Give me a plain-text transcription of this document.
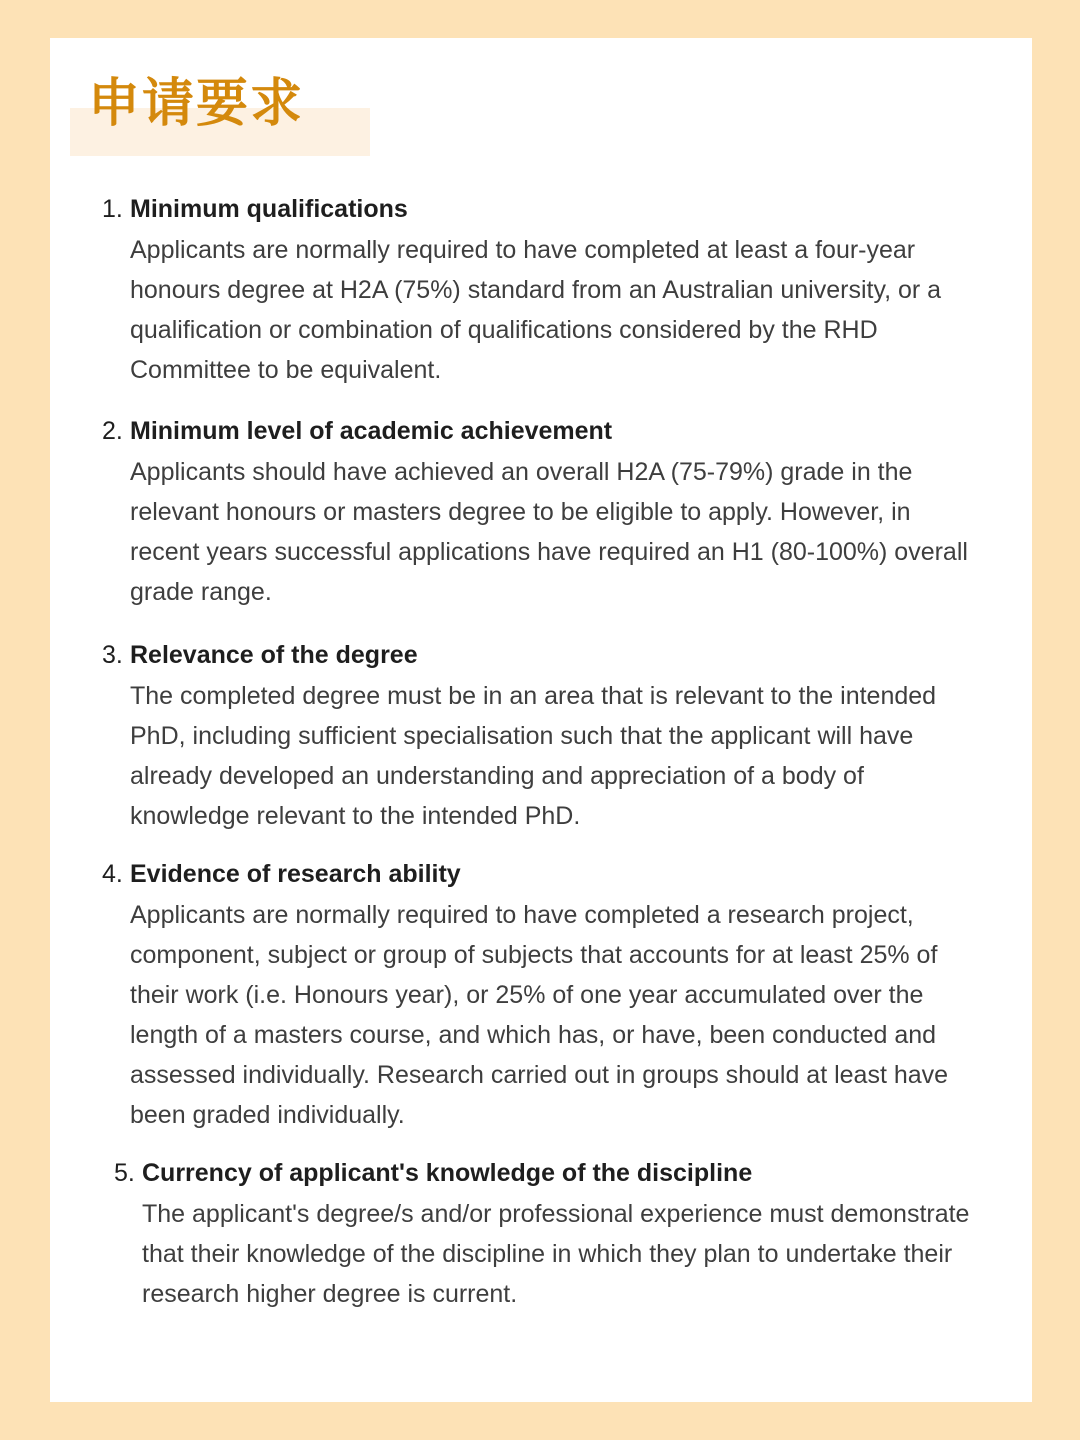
申请要求
1. Minimum qualifications
Applicants are normally required to have completed at least a four-year honours degree at H2A (75%) standard from an Australian university, or a qualification or combination of qualifications considered by the RHD Committee to be equivalent.
2. Minimum level of academic achievement
Applicants should have achieved an overall H2A (75-79%) grade in the relevant honours or masters degree to be eligible to apply. However, in recent years successful applications have required an H1 (80-100%) overall grade range.
3. Relevance of the degree
The completed degree must be in an area that is relevant to the intended PhD, including sufficient specialisation such that the applicant will have already developed an understanding and appreciation of a body of knowledge relevant to the intended PhD.
4. Evidence of research ability
Applicants are normally required to have completed a research project, component, subject or group of subjects that accounts for at least 25% of their work (i.e. Honours year), or 25% of one year accumulated over the length of a masters course, and which has, or have, been conducted and assessed individually. Research carried out in groups should at least have been graded individually.
5. Currency of applicant's knowledge of the discipline
The applicant's degree/s and/or professional experience must demonstrate that their knowledge of the discipline in which they plan to undertake their research higher degree is current.
